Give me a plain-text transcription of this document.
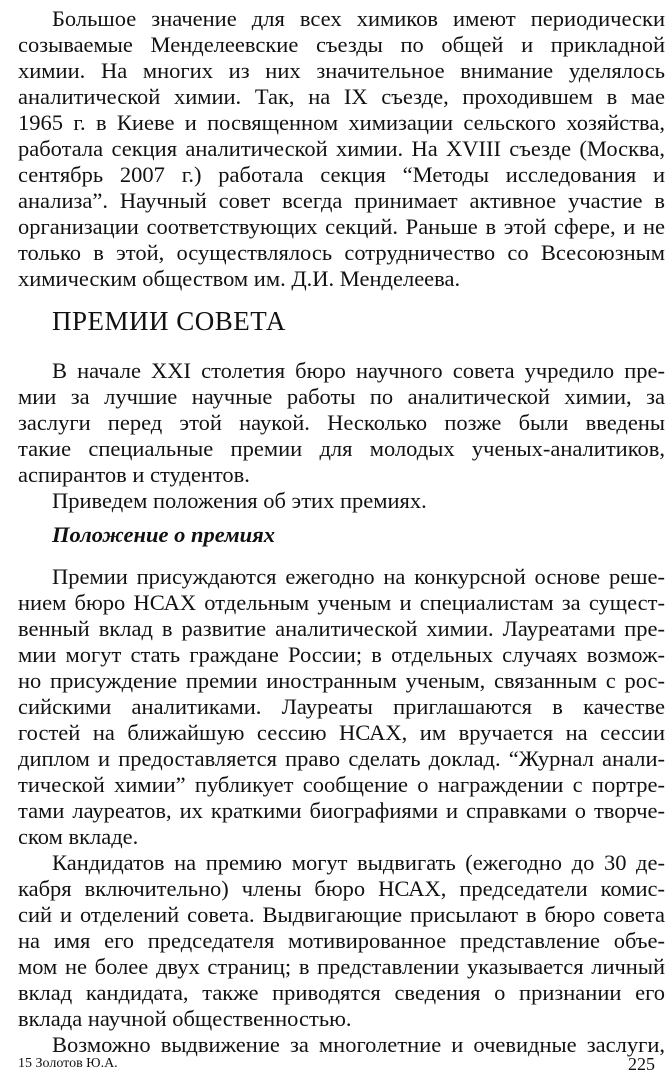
Большое значение для всех химиков имеют периодически
созываемые Менделеевские съезды по общей и прикладной
химии. На многих из них значительное внимание уделялось
аналитической химии. Так, на IX съезде, проходившем в мае
1965 г. в Киеве и посвященном химизации сельского хозяйства,
работала секция аналитической химии. На XVIII съезде (Москва,
сентябрь 2007 г.) работала секция “Методы исследования и
анализа”. Научный совет всегда принимает активное участие в
организации соответствующих секций. Раньше в этой сфере, и не
только в этой, осуществлялось сотрудничество со Всесоюзным
химическим обществом им. Д.И. Менделеева.
ПРЕМИИ СОВЕТА
В начале XXI столетия бюро научного совета учредило пре-
мии за лучшие научные работы по аналитической химии, за
заслуги перед этой наукой. Несколько позже были введены
такие специальные премии для молодых ученых-аналитиков,
аспирантов и студентов.
Приведем положения об этих премиях.
Положение о премиях
Премии присуждаются ежегодно на конкурсной основе реше-
нием бюро НСАХ отдельным ученым и специалистам за сущест-
венный вклад в развитие аналитической химии. Лауреатами пре-
мии могут стать граждане России; в отдельных случаях возмож-
но присуждение премии иностранным ученым, связанным с рос-
сийскими аналитиками. Лауреаты приглашаются в качестве
гостей на ближайшую сессию НСАХ, им вручается на сессии
диплом и предоставляется право сделать доклад. “Журнал анали-
тической химии” публикует сообщение о награждении с портре-
тами лауреатов, их краткими биографиями и справками о творче-
ском вкладе.
Кандидатов на премию могут выдвигать (ежегодно до 30 де-
кабря включительно) члены бюро НСАХ, председатели комис-
сий и отделений совета. Выдвигающие присылают в бюро совета
на имя его председателя мотивированное представление объе-
мом не более двух страниц; в представлении указывается личный
вклад кандидата, также приводятся сведения о признании его
вклада научной общественностью.
Возможно выдвижение за многолетние и очевидные заслуги,
15 Золотов Ю.А.	225
